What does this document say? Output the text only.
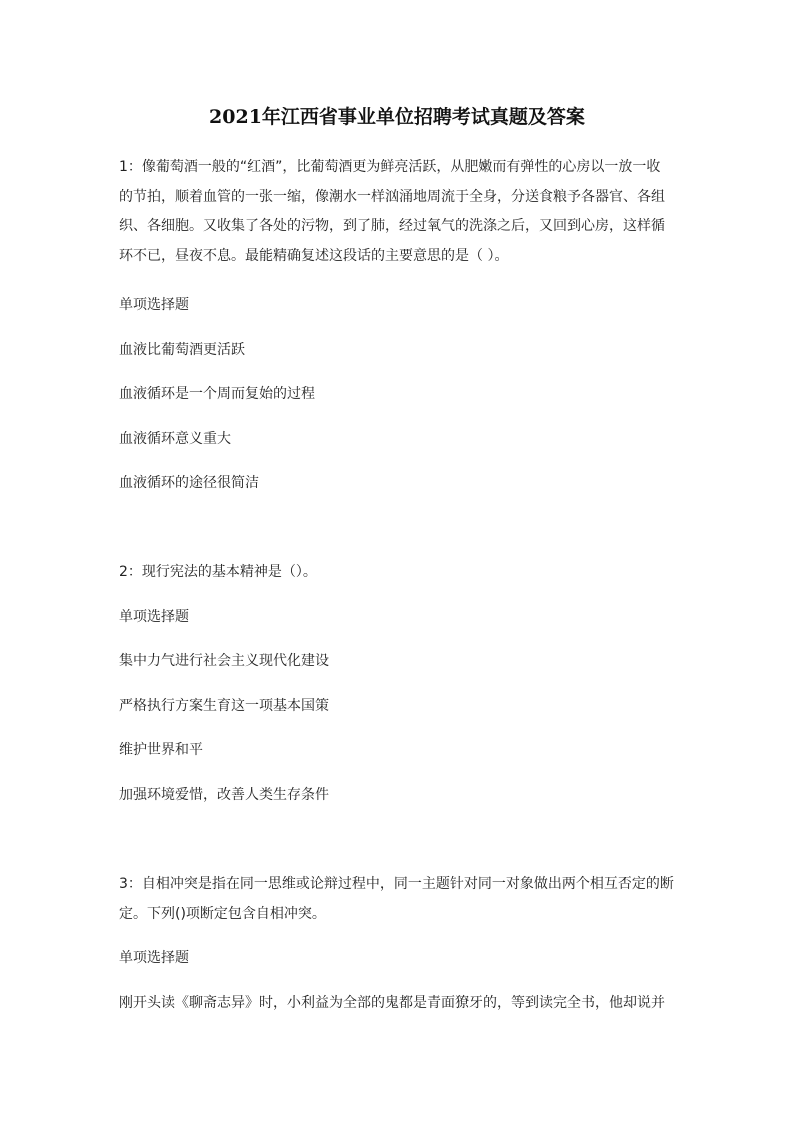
2021年江西省事业单位招聘考试真题及答案

1：像葡萄酒一般的“红酒”，比葡萄酒更为鲜亮活跃，从肥嫩而有弹性的心房以一放一收
的节拍，顺着血管的一张一缩，像潮水一样汹涌地周流于全身，分送食粮予各器官、各组
织、各细胞。又收集了各处的污物，到了肺，经过氧气的洗涤之后，又回到心房，这样循
环不已，昼夜不息。最能精确复述这段话的主要意思的是（ ）。

单项选择题

血液比葡萄酒更活跃

血液循环是一个周而复始的过程

血液循环意义重大

血液循环的途径很简洁

2：现行宪法的基本精神是（）。

单项选择题

集中力气进行社会主义现代化建设

严格执行方案生育这一项基本国策

维护世界和平

加强环境爱惜，改善人类生存条件

3：自相冲突是指在同一思维或论辩过程中，同一主题针对同一对象做出两个相互否定的断
定。下列()项断定包含自相冲突。

单项选择题

刚开头读《聊斋志异》时，小利益为全部的鬼都是青面獠牙的，等到读完全书，他却说并
